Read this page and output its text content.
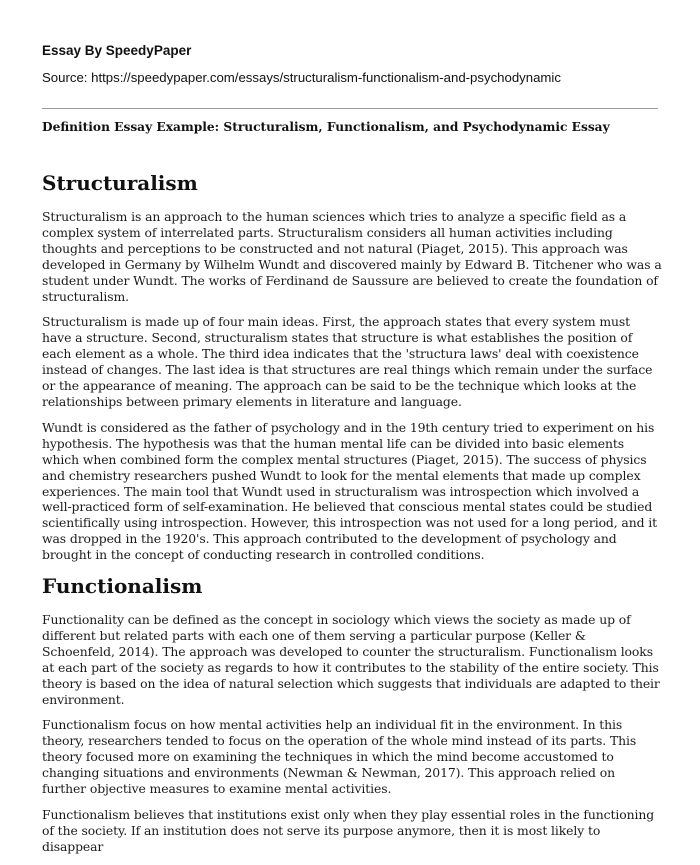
Essay By SpeedyPaper
Source: https://speedypaper.com/essays/structuralism-functionalism-and-psychodynamic
Definition Essay Example: Structuralism, Functionalism, and Psychodynamic Essay
Structuralism

Structuralism is an approach to the human sciences which tries to analyze a specific field as a complex system of interrelated parts. Structuralism considers all human activities including thoughts and perceptions to be constructed and not natural (Piaget, 2015). This approach was developed in Germany by Wilhelm Wundt and discovered mainly by Edward B. Titchener who was a student under Wundt. The works of Ferdinand de Saussure are believed to create the foundation of structuralism.

Structuralism is made up of four main ideas. First, the approach states that every system must have a structure. Second, structuralism states that structure is what establishes the position of each element as a whole. The third idea indicates that the 'structura laws' deal with coexistence instead of changes. The last idea is that structures are real things which remain under the surface or the appearance of meaning. The approach can be said to be the technique which looks at the relationships between primary elements in literature and language.

Wundt is considered as the father of psychology and in the 19th century tried to experiment on his hypothesis. The hypothesis was that the human mental life can be divided into basic elements which when combined form the complex mental structures (Piaget, 2015). The success of physics and chemistry researchers pushed Wundt to look for the mental elements that made up complex experiences. The main tool that Wundt used in structuralism was introspection which involved a well-practiced form of self-examination. He believed that conscious mental states could be studied scientifically using introspection. However, this introspection was not used for a long period, and it was dropped in the 1920's. This approach contributed to the development of psychology and brought in the concept of conducting research in controlled conditions.

Functionalism

Functionality can be defined as the concept in sociology which views the society as made up of different but related parts with each one of them serving a particular purpose (Keller & Schoenfeld, 2014). The approach was developed to counter the structuralism. Functionalism looks at each part of the society as regards to how it contributes to the stability of the entire society. This theory is based on the idea of natural selection which suggests that individuals are adapted to their environment.

Functionalism focus on how mental activities help an individual fit in the environment. In this theory, researchers tended to focus on the operation of the whole mind instead of its parts. This theory focused more on examining the techniques in which the mind become accustomed to changing situations and environments (Newman & Newman, 2017). This approach relied on further objective measures to examine mental activities.

Functionalism believes that institutions exist only when they play essential roles in the functioning of the society. If an institution does not serve its purpose anymore, then it is most likely to disappear
